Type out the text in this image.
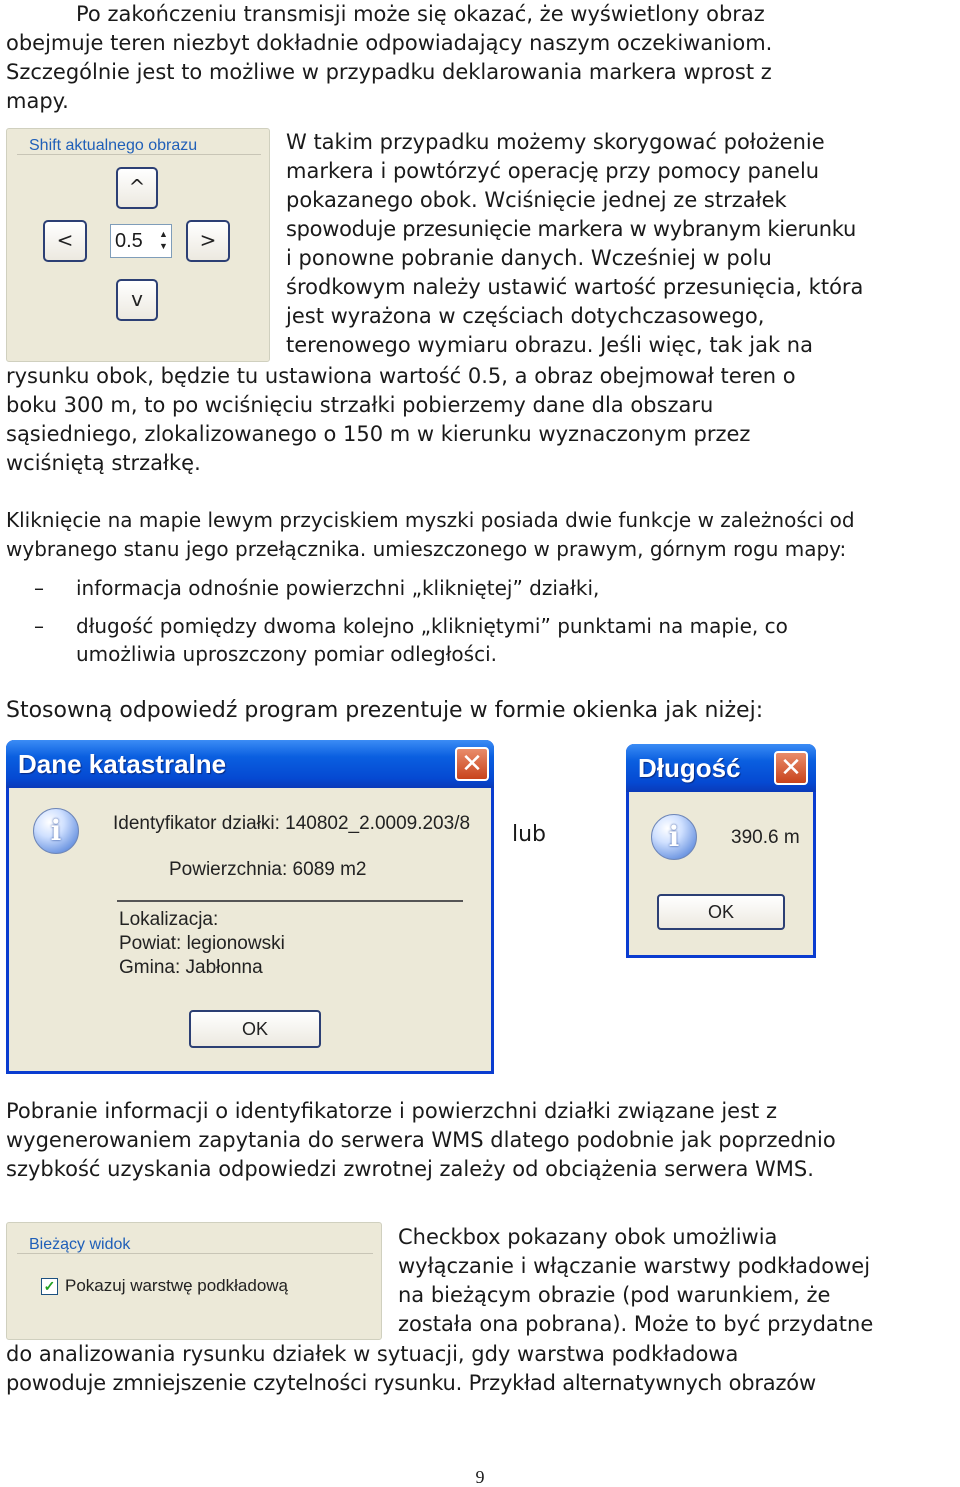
Po zakończeniu transmisji może się okazać, że wyświetlony obraz
obejmuje teren niezbyt dokładnie odpowiadający naszym oczekiwaniom.
Szczególnie jest to możliwe w przypadku deklarowania markera wprost z
mapy.
Shift aktualnego obrazu
^
< 0.5 ▲
▼ >
v
W takim przypadku możemy skorygować położenie
markera i powtórzyć operację przy pomocy panelu
pokazanego obok. Wciśnięcie jednej ze strzałek
spowoduje przesunięcie markera w wybranym kierunku
i ponowne pobranie danych. Wcześniej w polu
środkowym należy ustawić wartość przesunięcia, która
jest wyrażona w częściach dotychczasowego,
terenowego wymiaru obrazu. Jeśli więc, tak jak na
rysunku obok, będzie tu ustawiona wartość 0.5, a obraz obejmował teren o
boku 300 m, to po wciśnięciu strzałki pobierzemy dane dla obszaru
sąsiedniego, zlokalizowanego o 150 m w kierunku wyznaczonym przez
wciśniętą strzałkę.
Kliknięcie na mapie lewym przyciskiem myszki posiada dwie funkcje w zależności od
wybranego stanu jego przełącznika. umieszczonego w prawym, górnym rogu mapy:
– informacja odnośnie powierzchni „klikniętej” działki,
– długość pomiędzy dwoma kolejno „klikniętymi” punktami na mapie, co
umożliwia uproszczony pomiar odległości.
Stosowną odpowiedź program prezentuje w formie okienka jak niżej:
Dane katastralne	✕
i	Identyfikator działki: 140802_2.0009.203/8
Powierzchnia: 6089 m2
Lokalizacja:
Powiat: legionowski
Gmina: Jabłonna
OK
lub
Długość ✕
i	390.6 m
OK
Pobranie informacji o identyfikatorze i powierzchni działki związane jest z
wygenerowaniem zapytania do serwera WMS dlatego podobnie jak poprzednio
szybkość uzyskania odpowiedzi zwrotnej zależy od obciążenia serwera WMS.
Bieżący widok
✓ Pokazuj warstwę podkładową
Checkbox pokazany obok umożliwia
wyłączanie i włączanie warstwy podkładowej
na bieżącym obrazie (pod warunkiem, że
została ona pobrana). Może to być przydatne
do analizowania rysunku działek w sytuacji, gdy warstwa podkładowa
powoduje zmniejszenie czytelności rysunku. Przykład alternatywnych obrazów
9
